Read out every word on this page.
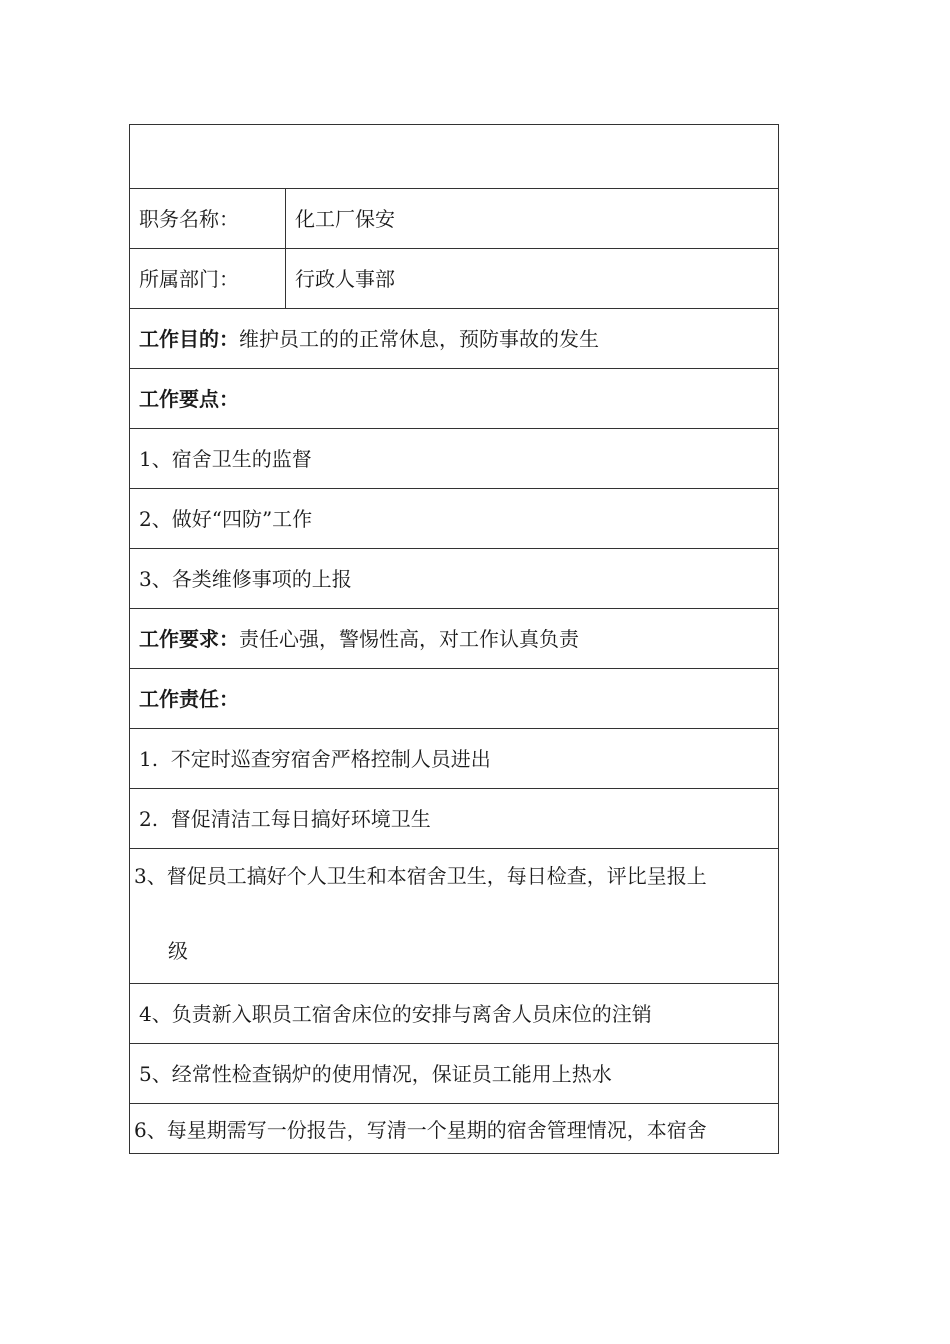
职务名称：	化工厂保安
所属部门：	行政人事部
工作目的：维护员工的的正常休息，预防事故的发生	
工作要点：	
1、宿舍卫生的监督	
2、做好“四防”工作	
3、各类维修事项的上报	
工作要求：责任心强，警惕性高，对工作认真负责	
工作责任：	
1.  不定时巡查穷宿舍严格控制人员进出	
2.  督促清洁工每日搞好环境卫生	
3、督促员工搞好个人卫生和本宿舍卫生，每日检查，评比呈报上
级	

4、负责新入职员工宿舍床位的安排与离舍人员床位的注销	
5、经常性检查锅炉的使用情况，保证员工能用上热水	
6、每星期需写一份报告，写清一个星期的宿舍管理情况，本宿舍	
